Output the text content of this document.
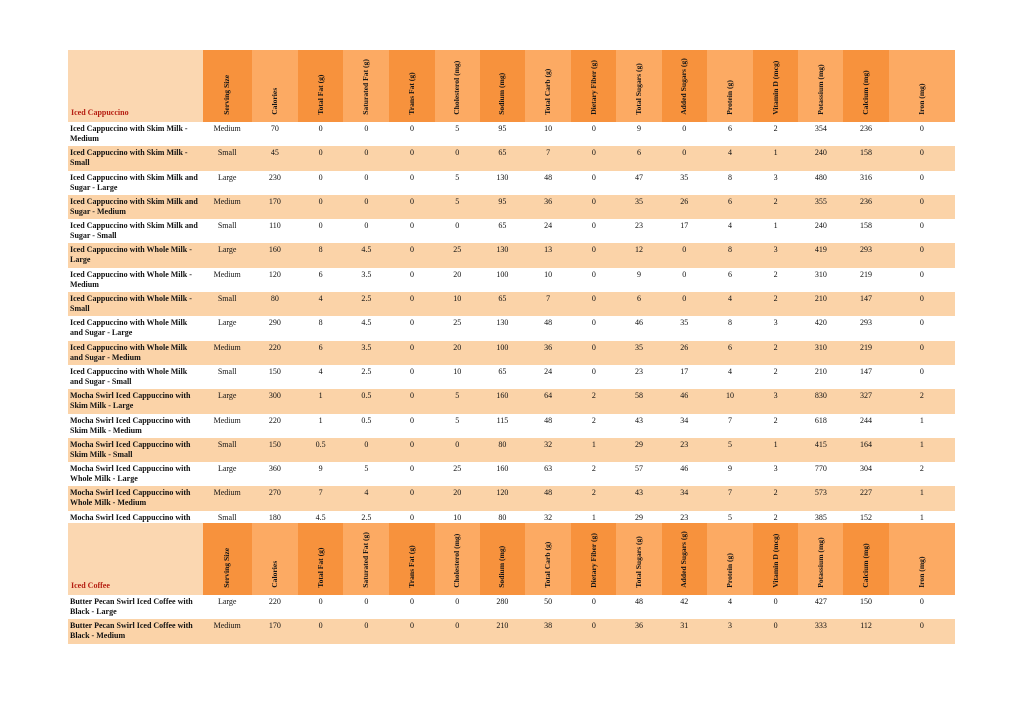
Iced Cappuccino	Serving Size	Calories	Total Fat (g)	Saturated Fat (g)	Trans Fat (g)	Cholesterol (mg)	Sodium (mg)	Total Carb (g)	Dietary Fiber (g)	Total Sugars (g)	Added Sugars (g)	Protein (g)	Vitamin D (mcg)	Potassium (mg)	Calcium (mg)	Iron (mg)

Iced Cappuccino with Skim Milk - Medium	Medium	70	0	0	0	5	95	10	0	9	0	6	2	354	236	0
Iced Cappuccino with Skim Milk - Small	Small	45	0	0	0	0	65	7	0	6	0	4	1	240	158	0
Iced Cappuccino with Skim Milk and Sugar - Large	Large	230	0	0	0	5	130	48	0	47	35	8	3	480	316	0
Iced Cappuccino with Skim Milk and Sugar - Medium	Medium	170	0	0	0	5	95	36	0	35	26	6	2	355	236	0
Iced Cappuccino with Skim Milk and Sugar - Small	Small	110	0	0	0	0	65	24	0	23	17	4	1	240	158	0
Iced Cappuccino with Whole Milk - Large	Large	160	8	4.5	0	25	130	13	0	12	0	8	3	419	293	0
Iced Cappuccino with Whole Milk - Medium	Medium	120	6	3.5	0	20	100	10	0	9	0	6	2	310	219	0
Iced Cappuccino with Whole Milk - Small	Small	80	4	2.5	0	10	65	7	0	6	0	4	2	210	147	0
Iced Cappuccino with Whole Milk and Sugar - Large	Large	290	8	4.5	0	25	130	48	0	46	35	8	3	420	293	0
Iced Cappuccino with Whole Milk and Sugar - Medium	Medium	220	6	3.5	0	20	100	36	0	35	26	6	2	310	219	0
Iced Cappuccino with Whole Milk and Sugar - Small	Small	150	4	2.5	0	10	65	24	0	23	17	4	2	210	147	0
Mocha Swirl Iced Cappuccino with Skim Milk - Large	Large	300	1	0.5	0	5	160	64	2	58	46	10	3	830	327	2
Mocha Swirl Iced Cappuccino with Skim Milk - Medium	Medium	220	1	0.5	0	5	115	48	2	43	34	7	2	618	244	1
Mocha Swirl Iced Cappuccino with Skim Milk - Small	Small	150	0.5	0	0	0	80	32	1	29	23	5	1	415	164	1
Mocha Swirl Iced Cappuccino with Whole Milk - Large	Large	360	9	5	0	25	160	63	2	57	46	9	3	770	304	2
Mocha Swirl Iced Cappuccino with Whole Milk - Medium	Medium	270	7	4	0	20	120	48	2	43	34	7	2	573	227	1
Mocha Swirl Iced Cappuccino with	Small	180	4.5	2.5	0	10	80	32	1	29	23	5	2	385	152	1
Iced Coffee	Serving Size	Calories	Total Fat (g)	Saturated Fat (g)	Trans Fat (g)	Cholesterol (mg)	Sodium (mg)	Total Carb (g)	Dietary Fiber (g)	Total Sugars (g)	Added Sugars (g)	Protein (g)	Vitamin D (mcg)	Potassium (mg)	Calcium (mg)	Iron (mg)

Butter Pecan Swirl Iced Coffee with Black - Large	Large	220	0	0	0	0	280	50	0	48	42	4	0	427	150	0
Butter Pecan Swirl Iced Coffee with Black - Medium	Medium	170	0	0	0	0	210	38	0	36	31	3	0	333	112	0
